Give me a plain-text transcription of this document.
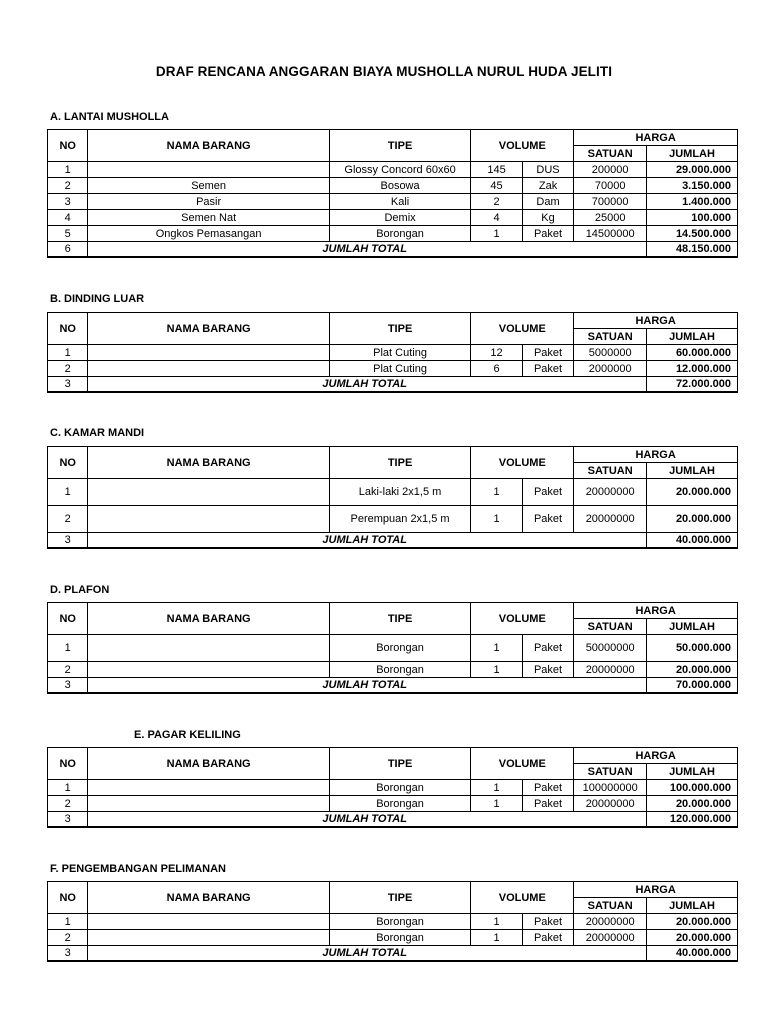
DRAF RENCANA ANGGARAN BIAYA MUSHOLLA NURUL HUDA JELITI
A. LANTAI MUSHOLLA
NO	NAMA BARANG	TIPE	VOLUME		HARGA	
					SATUAN	JUMLAH
1		Glossy Concord 60x60	145	DUS	200000	29.000.000
2	Semen	Bosowa	45	Zak	70000	3.150.000
3	Pasir	Kali	2	Dam	700000	1.400.000
4	Semen Nat	Demix	4	Kg	25000	100.000
5	Ongkos Pemasangan	Borongan	1	Paket	14500000	14.500.000
6	JUMLAH TOTAL					48.150.000
B. DINDING LUAR
NO	NAMA BARANG	TIPE	VOLUME		HARGA	
					SATUAN	JUMLAH
1		Plat Cuting	12	Paket	5000000	60.000.000
2		Plat Cuting	6	Paket	2000000	12.000.000
3	JUMLAH TOTAL					72.000.000
C. KAMAR MANDI
NO	NAMA BARANG	TIPE	VOLUME		HARGA	
					SATUAN	JUMLAH
1		Laki-laki 2x1,5 m	1	Paket	20000000	20.000.000
2		Perempuan 2x1,5 m	1	Paket	20000000	20.000.000
3	JUMLAH TOTAL					40.000.000
D. PLAFON
NO	NAMA BARANG	TIPE	VOLUME		HARGA	
					SATUAN	JUMLAH
1		Borongan	1	Paket	50000000	50.000.000
2		Borongan	1	Paket	20000000	20.000.000
3	JUMLAH TOTAL					70.000.000
E. PAGAR KELILING
NO	NAMA BARANG	TIPE	VOLUME		HARGA	
					SATUAN	JUMLAH
1		Borongan	1	Paket	100000000	100.000.000
2		Borongan	1	Paket	20000000	20.000.000
3	JUMLAH TOTAL					120.000.000
F. PENGEMBANGAN PELIMANAN
NO	NAMA BARANG	TIPE	VOLUME		HARGA	
					SATUAN	JUMLAH
1		Borongan	1	Paket	20000000	20.000.000
2		Borongan	1	Paket	20000000	20.000.000
3	JUMLAH TOTAL					40.000.000
